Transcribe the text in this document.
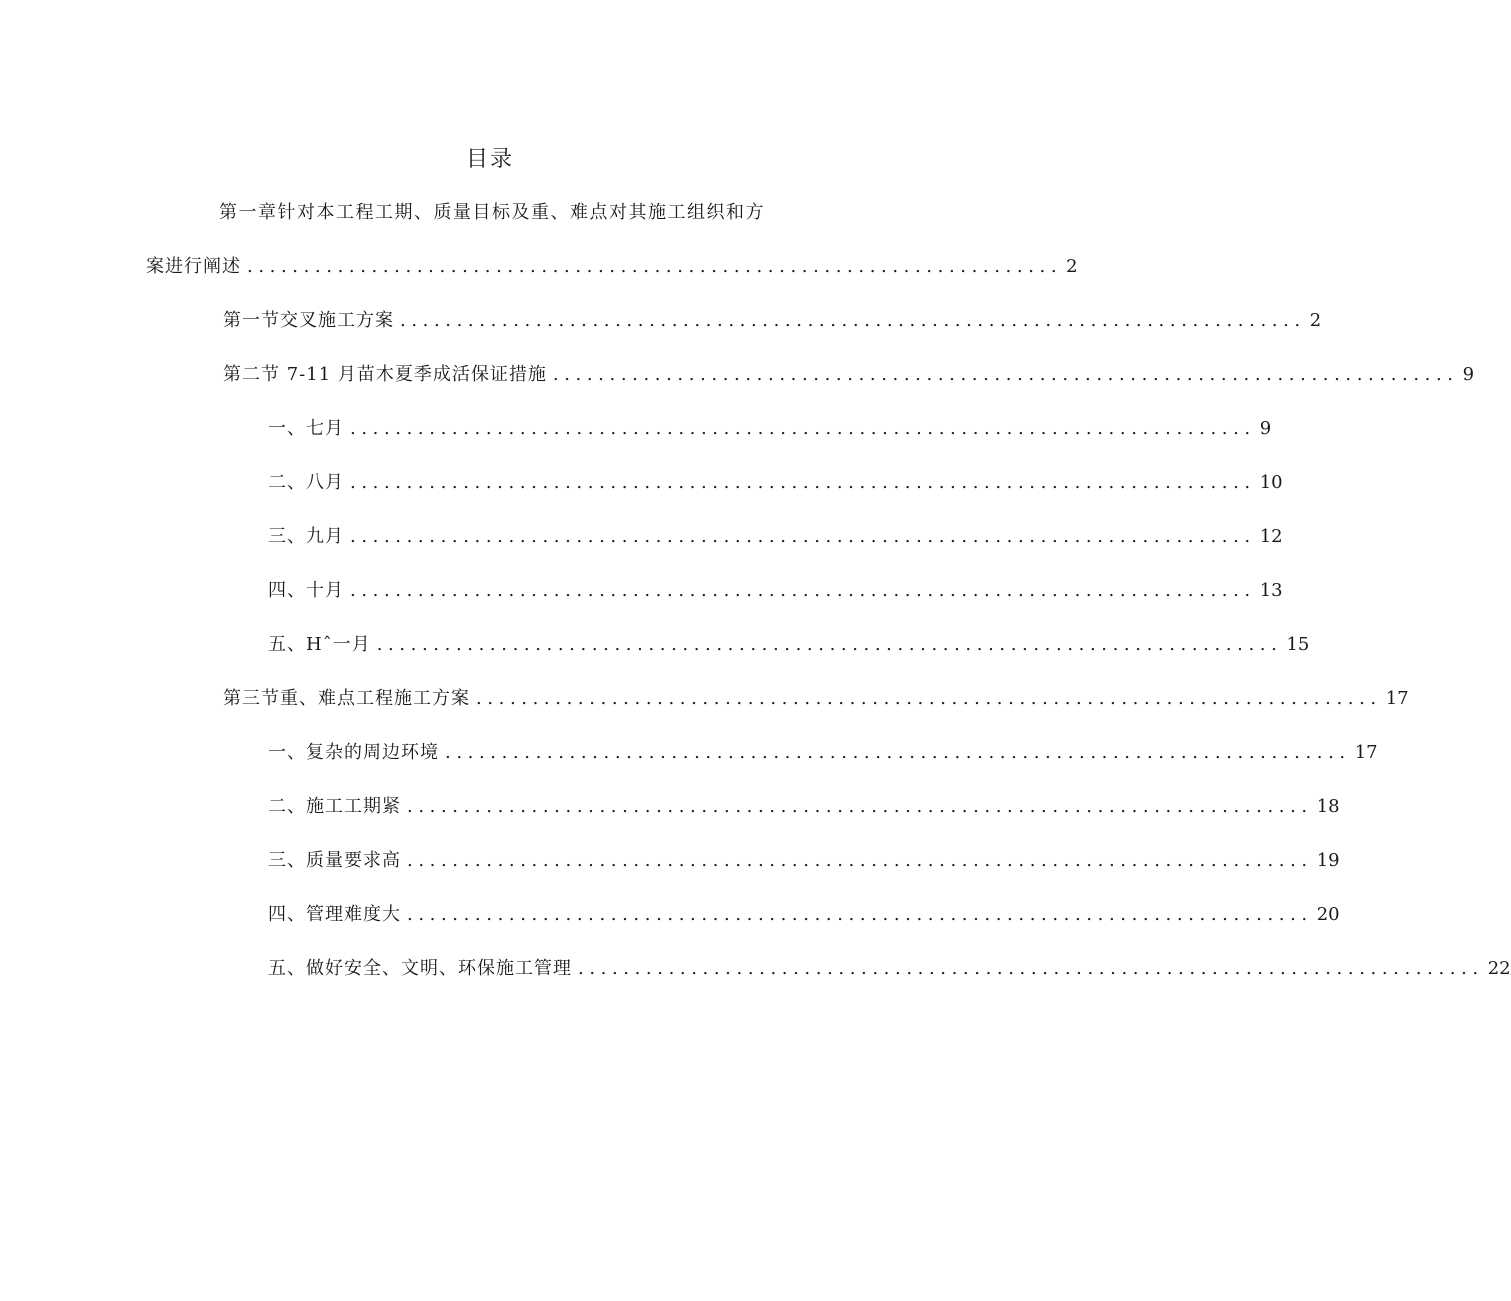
目录
第一章针对本工程工期、质量目标及重、难点对其施工组织和方
案进行阐述 ........................................................................ 2
第一节交叉施工方案 ................................................................................ 2
第二节 7-11 月苗木夏季成活保证措施 ................................................................................ 9
一、七月 ................................................................................ 9
二、八月 ................................................................................ 10
三、九月 ................................................................................ 12
四、十月 ................................................................................ 13
五、Hˆ一月 ................................................................................ 15
第三节重、难点工程施工方案 ................................................................................ 17
一、复杂的周边环境 ................................................................................ 17
二、施工工期紧 ................................................................................ 18
三、质量要求高 ................................................................................ 19
四、管理难度大 ................................................................................ 20
五、做好安全、文明、环保施工管理 ................................................................................ 22
